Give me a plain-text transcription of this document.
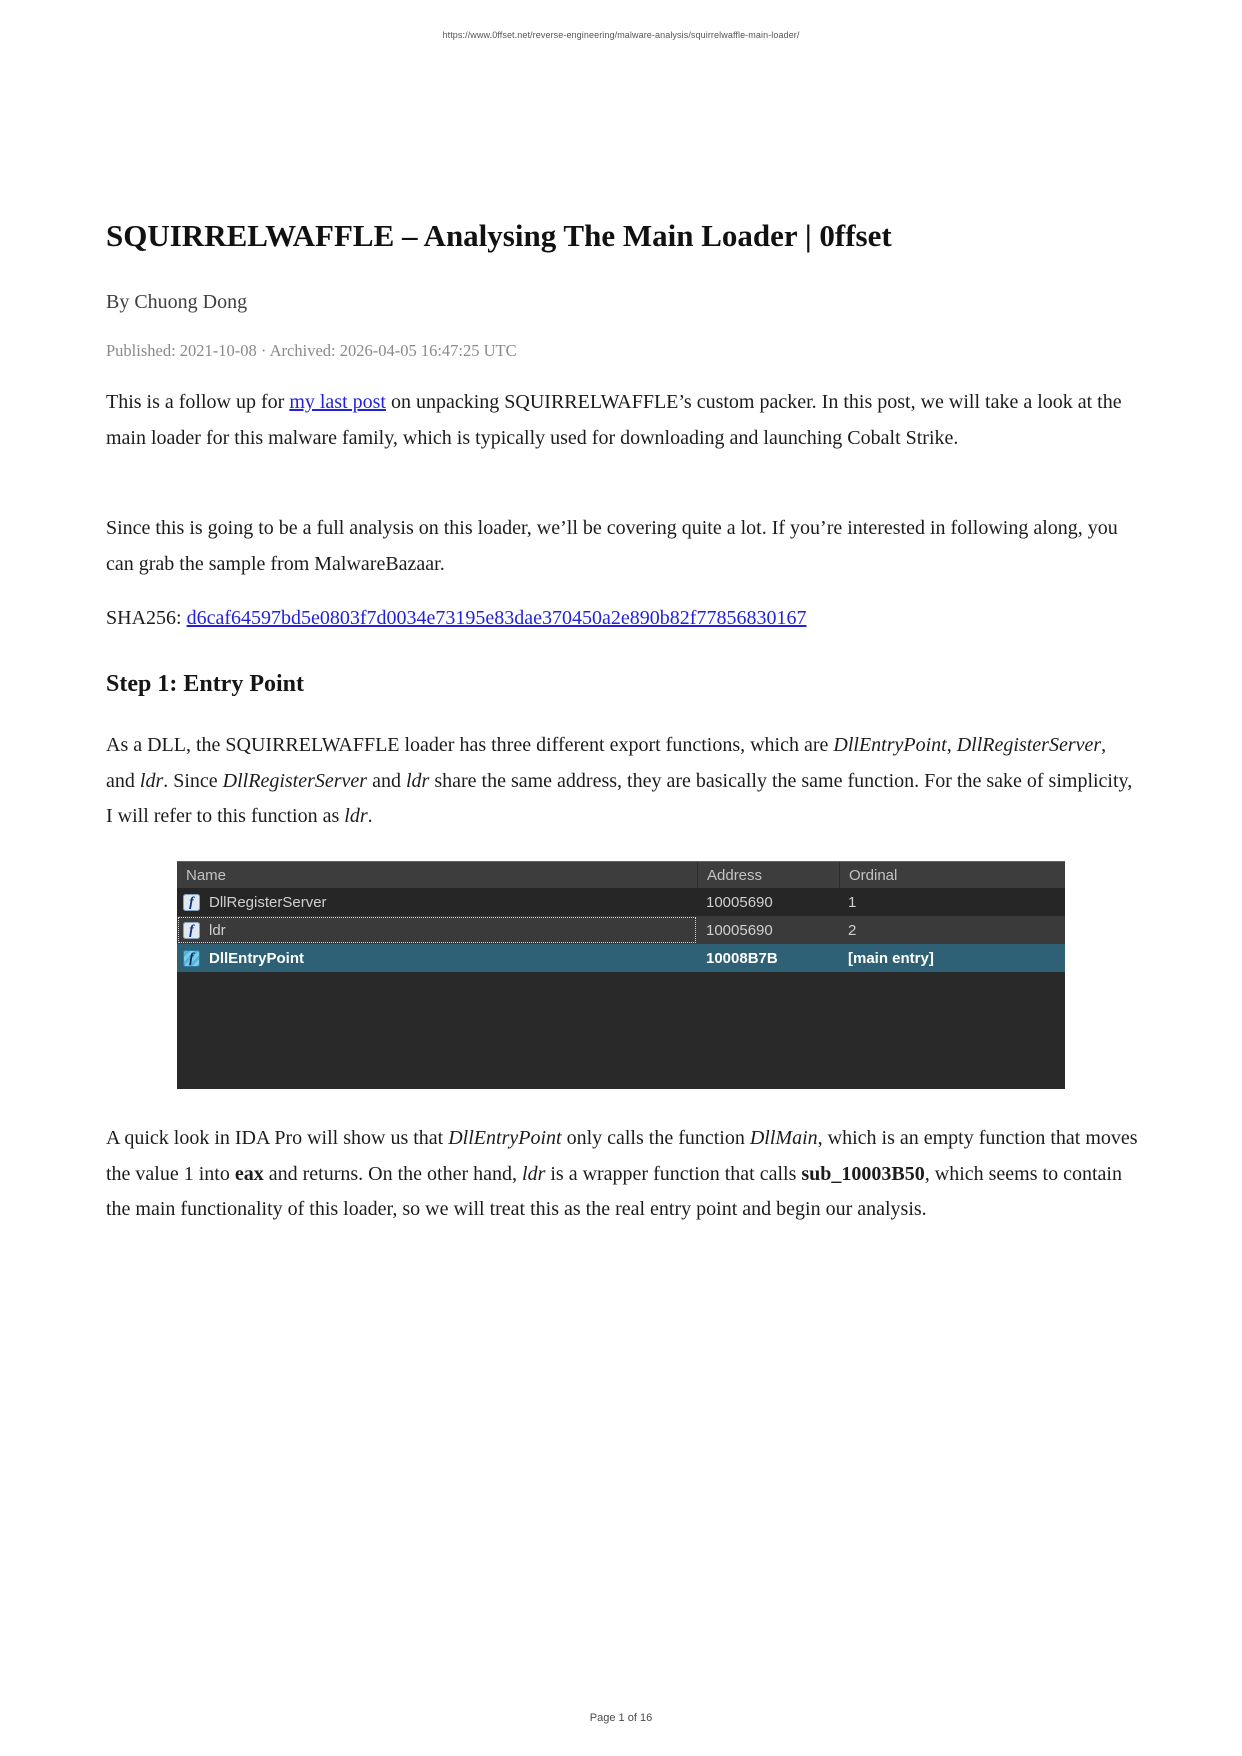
https://www.0ffset.net/reverse-engineering/malware-analysis/squirrelwaffle-main-loader/
SQUIRRELWAFFLE – Analysing The Main Loader | 0ffset
By Chuong Dong
Published: 2021-10-08 · Archived: 2026-04-05 16:47:25 UTC

This is a follow up for my last post on unpacking SQUIRRELWAFFLE’s custom packer. In this post, we will take a look at the main loader for this malware family, which is typically used for downloading and launching Cobalt Strike.

Since this is going to be a full analysis on this loader, we’ll be covering quite a lot. If you’re interested in following along, you can grab the sample from MalwareBazaar.

SHA256: d6caf64597bd5e0803f7d0034e73195e83dae370450a2e890b82f77856830167

Step 1: Entry Point

As a DLL, the SQUIRRELWAFFLE loader has three different export functions, which are DllEntryPoint, DllRegisterServer, and ldr. Since DllRegisterServer and ldr share the same address, they are basically the same function. For the sake of simplicity, I will refer to this function as ldr.

Name	Address	Ordinal
f	DllRegisterServer	10005690	1
f	ldr	10005690	2
f	DllEntryPoint	10008B7B	[main entry]

A quick look in IDA Pro will show us that DllEntryPoint only calls the function DllMain, which is an empty function that moves the value 1 into eax and returns. On the other hand, ldr is a wrapper function that calls sub_10003B50, which seems to contain the main functionality of this loader, so we will treat this as the real entry point and begin our analysis.

Page 1 of 16
